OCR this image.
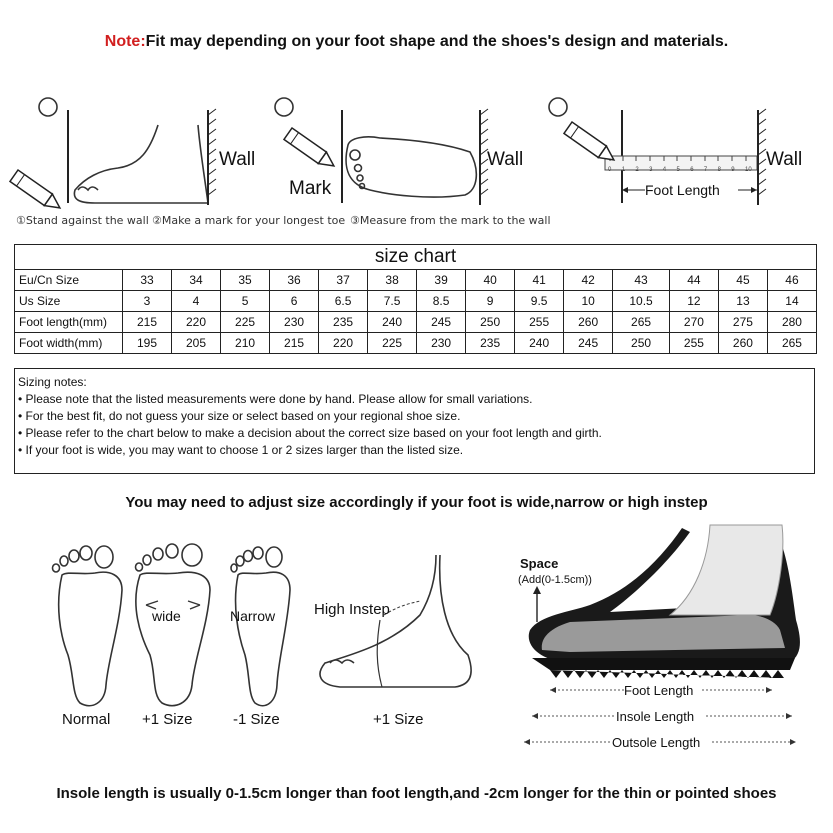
Note:Fit may depending on your foot shape and the shoes's design and materials.
Wall	Wall	Wall
Mark	Foot Length
0 1 2 3 4 5 6 7 8 9 10
①Stand against the wall ②Make a mark for your longest toe ③Measure from the mark to the wall
size chart														
Eu/Cn Size	33	34	35	36	37	38	39	40	41	42	43	44	45	46
Us Size	3	4	5	6	6.5	7.5	8.5	9	9.5	10	10.5	12	13	14
Foot length(mm)	215	220	225	230	235	240	245	250	255	260	265	270	275	280
Foot width(mm)	195	205	210	215	220	225	230	235	240	245	250	255	260	265
Sizing notes:
• Please note that the listed measurements were done by hand. Please allow for small variations.
• For the best fit, do not guess your size or select based on your regional shoe size.
• Please refer to the chart below to make a decision about the correct size based on your foot length and girth.
• If your foot is wide, you may want to choose 1 or 2 sizes larger than the listed size.
You may need to adjust size accordingly if your foot is wide,narrow or high instep
wide	Narrow	High Instep
Normal +1 Size	-1 Size	+1 Size
Space
(Add(0-1.5cm))
Foot Length
Insole Length
Outsole Length
Insole length is usually 0-1.5cm longer than foot length,and -2cm longer for the thin or pointed shoes
